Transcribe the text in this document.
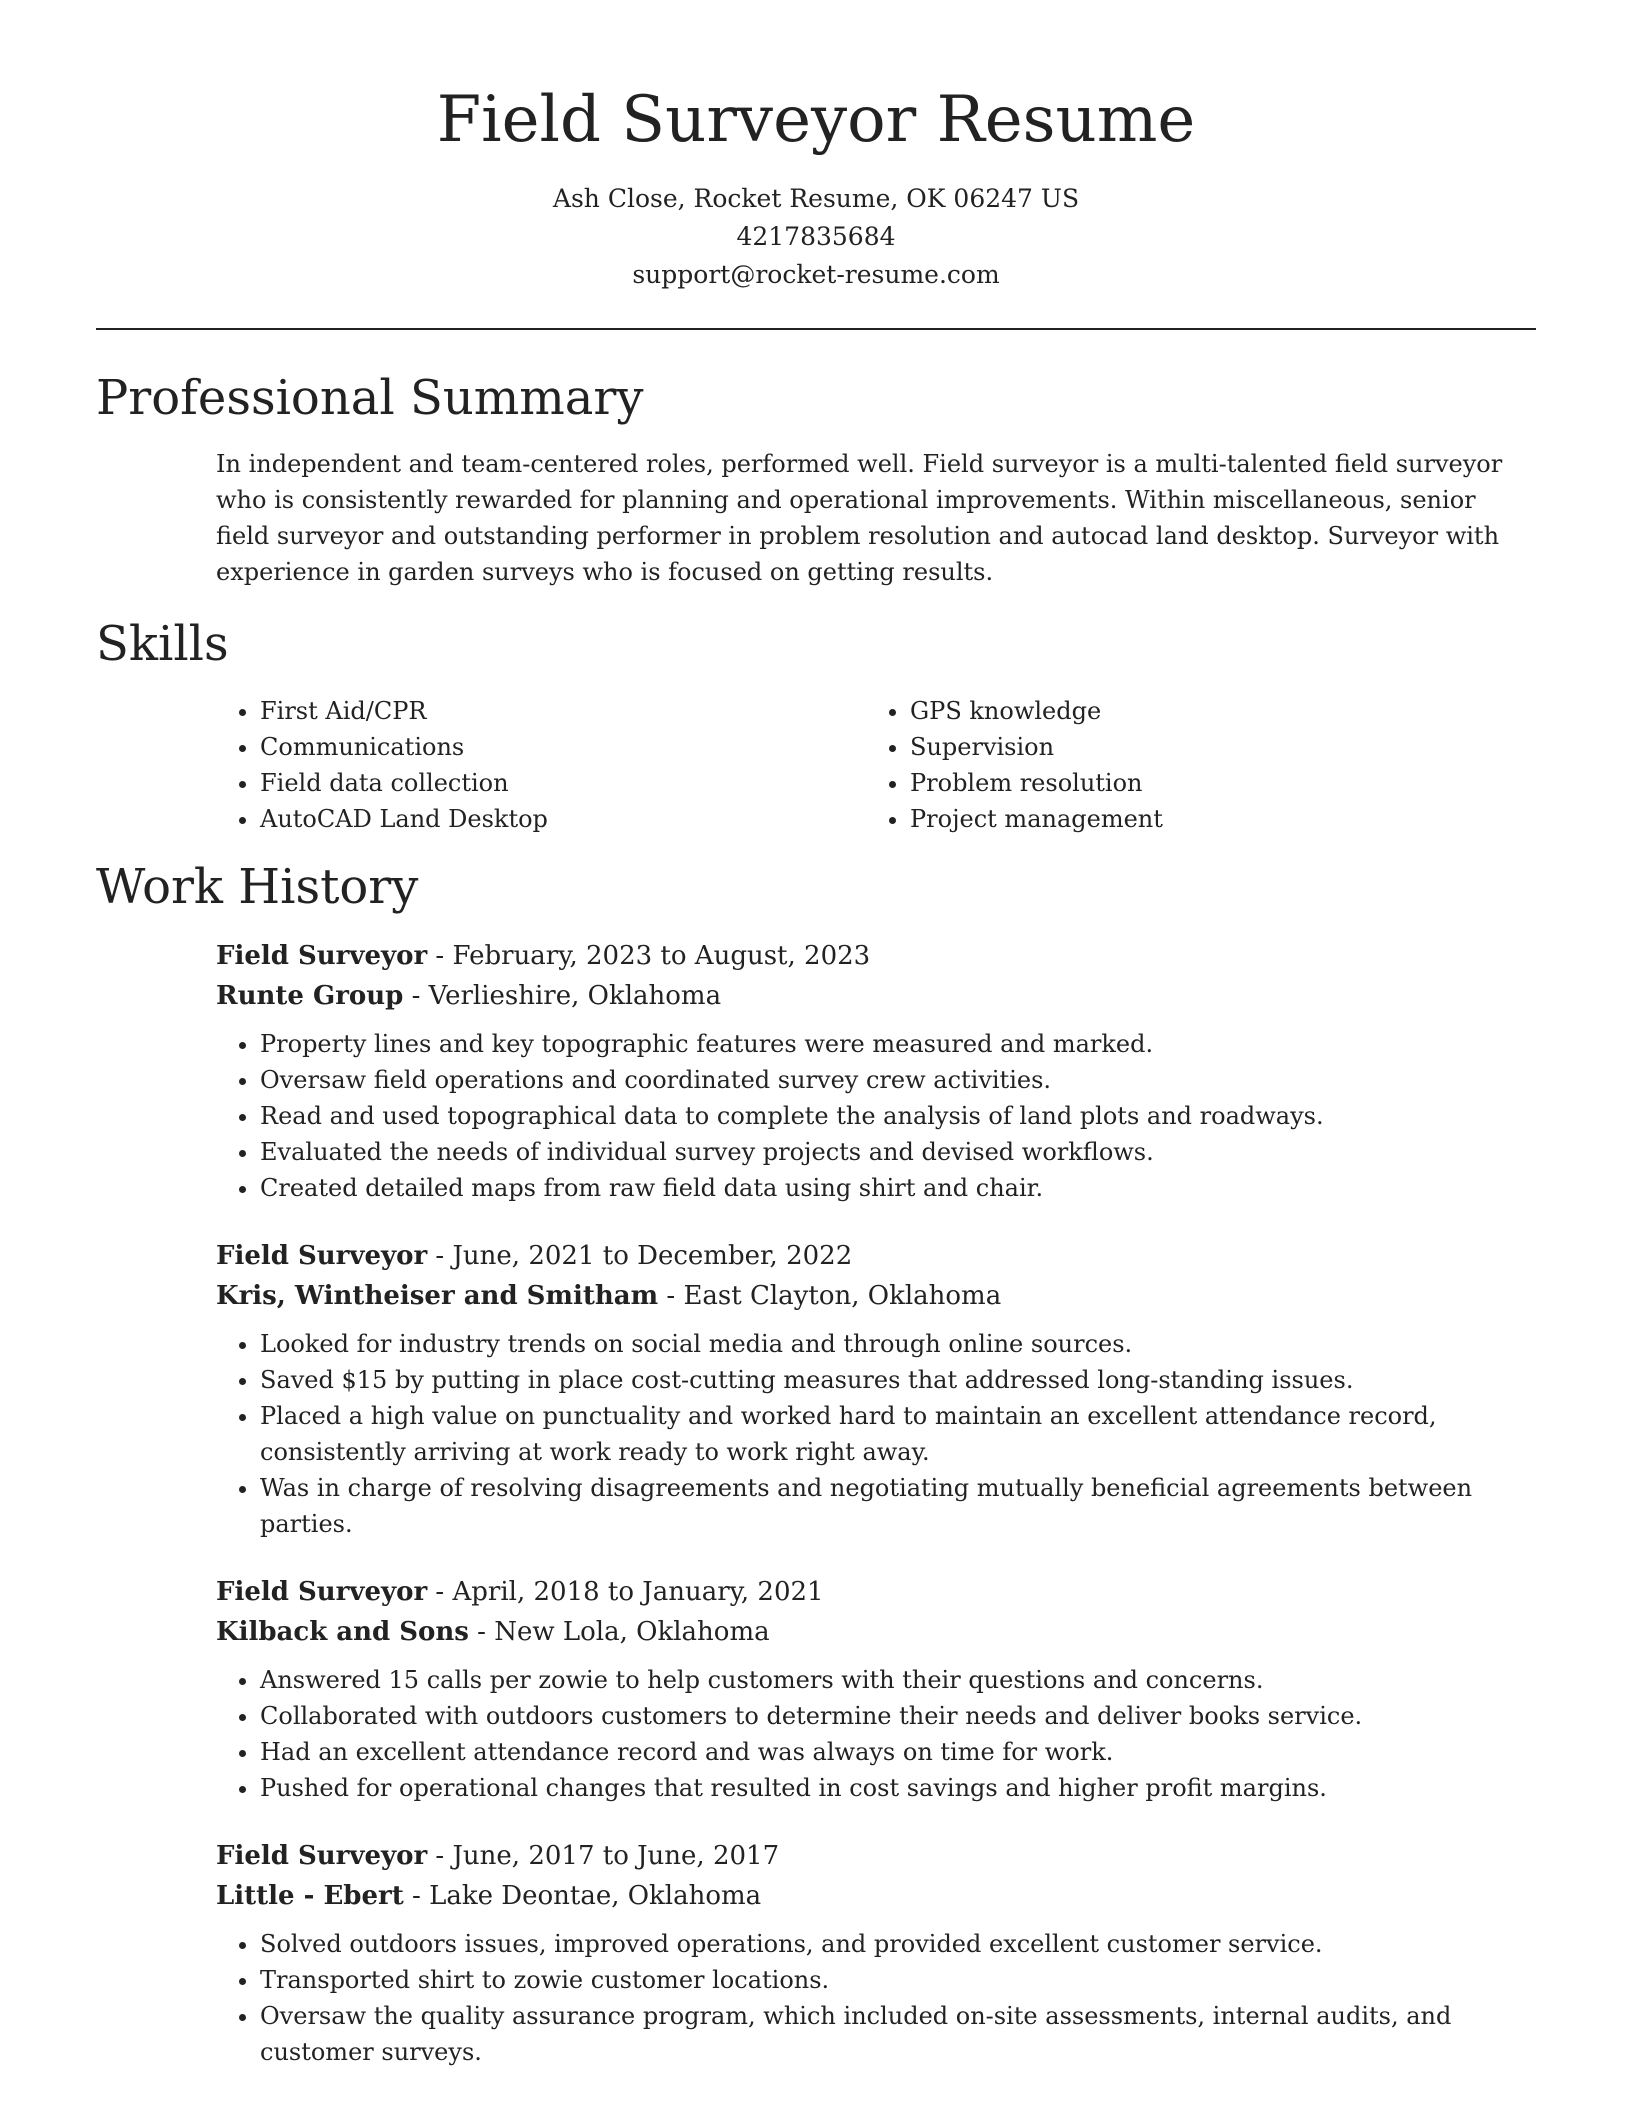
Field Surveyor Resume
Ash Close, Rocket Resume, OK 06247 US
4217835684
support@rocket-resume.com
Professional Summary

In independent and team-centered roles, performed well. Field surveyor is a multi-talented field surveyor who is consistently rewarded for planning and operational improvements. Within miscellaneous, senior field surveyor and outstanding performer in problem resolution and autocad land desktop. Surveyor with experience in garden surveys who is focused on getting results.

Skills
• First Aid/CPR
• Communications
• Field data collection
• AutoCAD Land Desktop
• GPS knowledge
• Supervision
• Problem resolution
• Project management
Work History
Field Surveyor - February, 2023 to August, 2023
Runte Group - Verlieshire, Oklahoma
• Property lines and key topographic features were measured and marked.
• Oversaw field operations and coordinated survey crew activities.
• Read and used topographical data to complete the analysis of land plots and roadways.
• Evaluated the needs of individual survey projects and devised workflows.
• Created detailed maps from raw field data using shirt and chair.
Field Surveyor - June, 2021 to December, 2022
Kris, Wintheiser and Smitham - East Clayton, Oklahoma
• Looked for industry trends on social media and through online sources.
• Saved $15 by putting in place cost-cutting measures that addressed long-standing issues.
• Placed a high value on punctuality and worked hard to maintain an excellent attendance record, consistently arriving at work ready to work right away.
• Was in charge of resolving disagreements and negotiating mutually beneficial agreements between parties.
Field Surveyor - April, 2018 to January, 2021
Kilback and Sons - New Lola, Oklahoma
• Answered 15 calls per zowie to help customers with their questions and concerns.
• Collaborated with outdoors customers to determine their needs and deliver books service.
• Had an excellent attendance record and was always on time for work.
• Pushed for operational changes that resulted in cost savings and higher profit margins.
Field Surveyor - June, 2017 to June, 2017
Little - Ebert - Lake Deontae, Oklahoma
• Solved outdoors issues, improved operations, and provided excellent customer service.
• Transported shirt to zowie customer locations.
• Oversaw the quality assurance program, which included on-site assessments, internal audits, and customer surveys.
